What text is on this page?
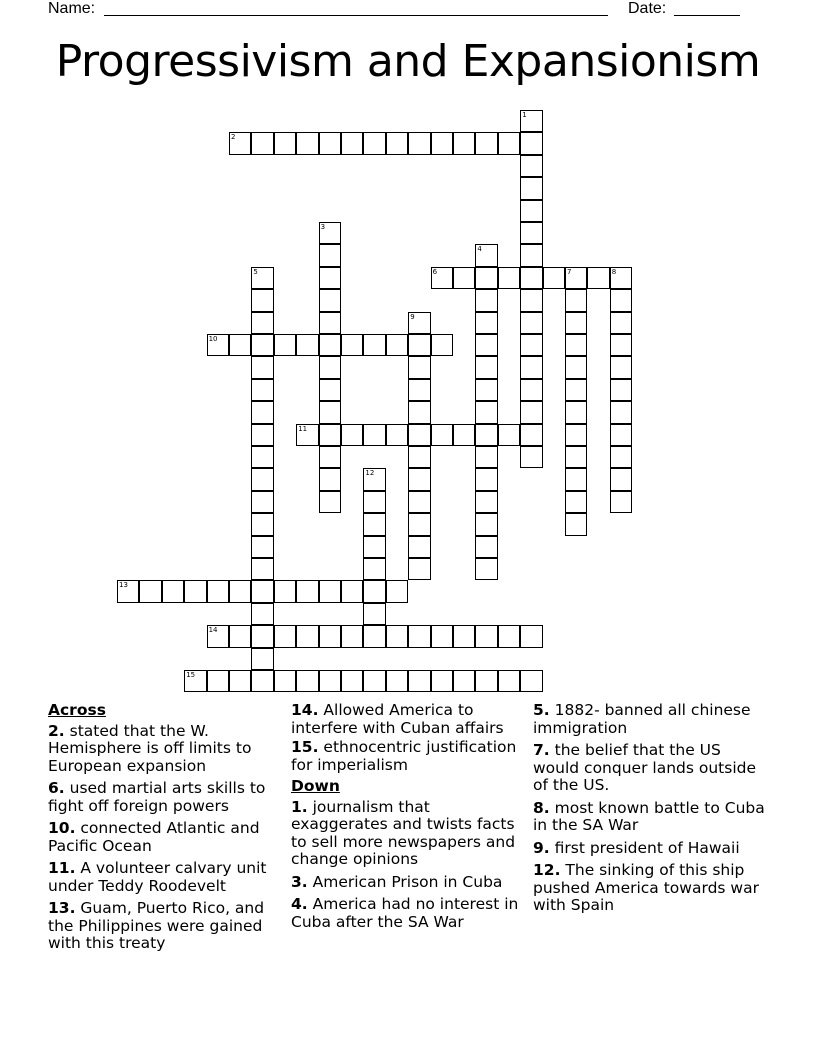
Name:	Date:
Progressivism and Expansionism
1
2
3
4
5	6	7	8
9
10
11
12
13
14
15
Across
2. stated that the W. Hemisphere is off limits to European expansion
6. used martial arts skills to fight off foreign powers
10. connected Atlantic and Pacific Ocean
11. A volunteer calvary unit under Teddy Roodevelt
13. Guam, Puerto Rico, and the Philippines were gained with this treaty
14. Allowed America to interfere with Cuban affairs
15. ethnocentric justification for imperialism
Down
1. journalism that exaggerates and twists facts to sell more newspapers and change opinions
3. American Prison in Cuba
4. America had no interest in Cuba after the SA War
5. 1882- banned all chinese immigration
7. the belief that the US would conquer lands outside of the US.
8. most known battle to Cuba in the SA War
9. first president of Hawaii
12. The sinking of this ship pushed America towards war with Spain
